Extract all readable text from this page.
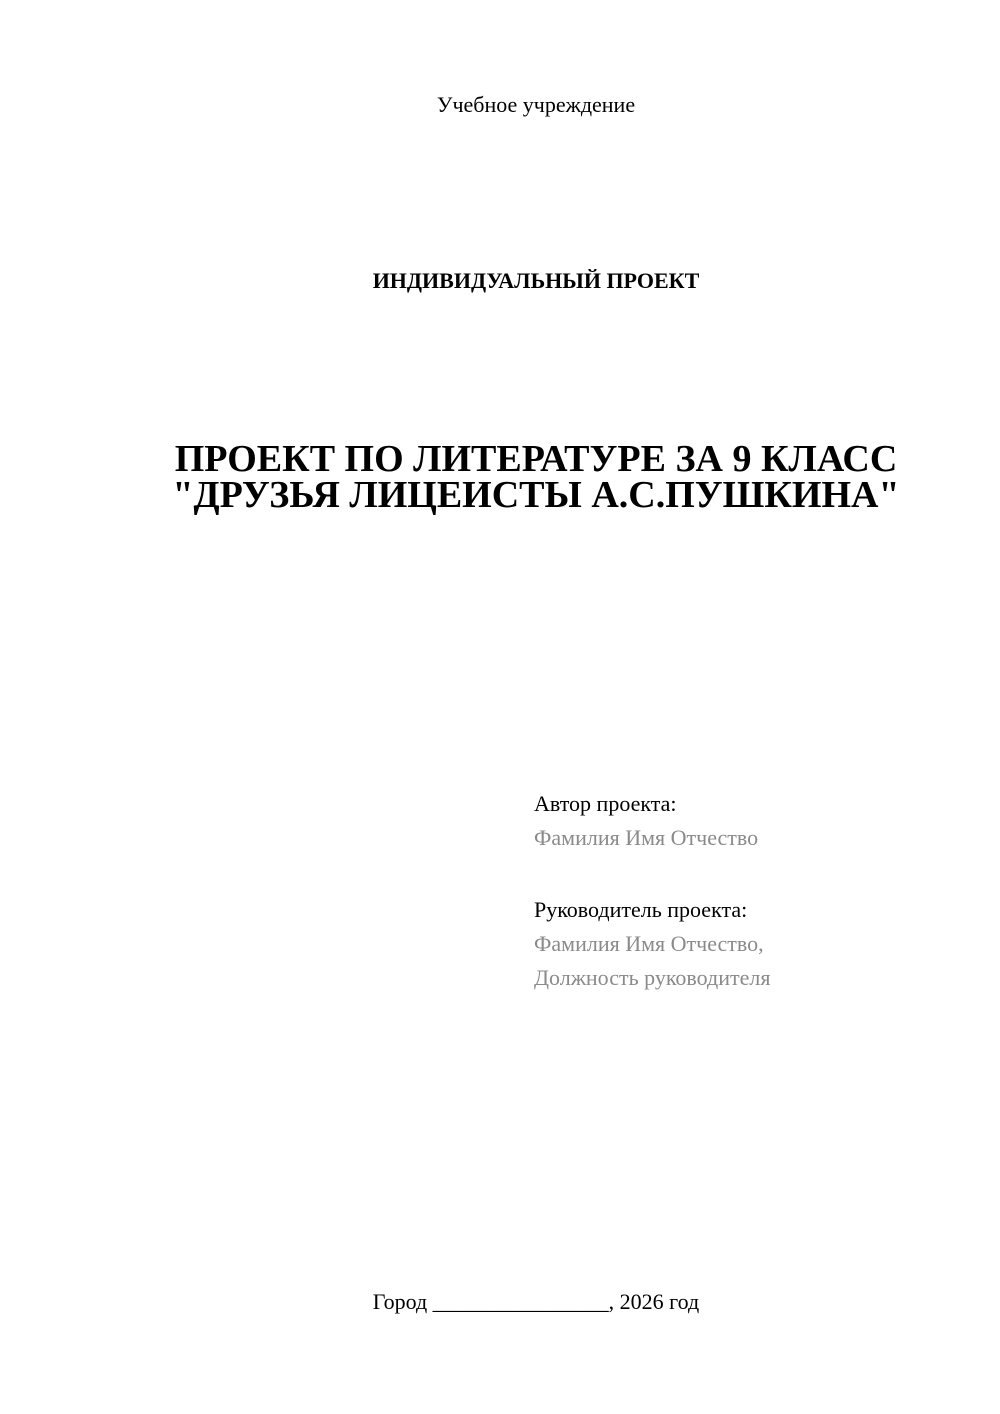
Учебное учреждение
ИНДИВИДУАЛЬНЫЙ ПРОЕКТ
ПРОЕКТ ПО ЛИТЕРАТУРЕ ЗА 9 КЛАСС
"ДРУЗЬЯ ЛИЦЕИСТЫ А.С.ПУШКИНА"
Автор проекта:
Фамилия Имя Отчество
Руководитель проекта:
Фамилия Имя Отчество,
Должность руководителя
Город ________________, 2026 год
